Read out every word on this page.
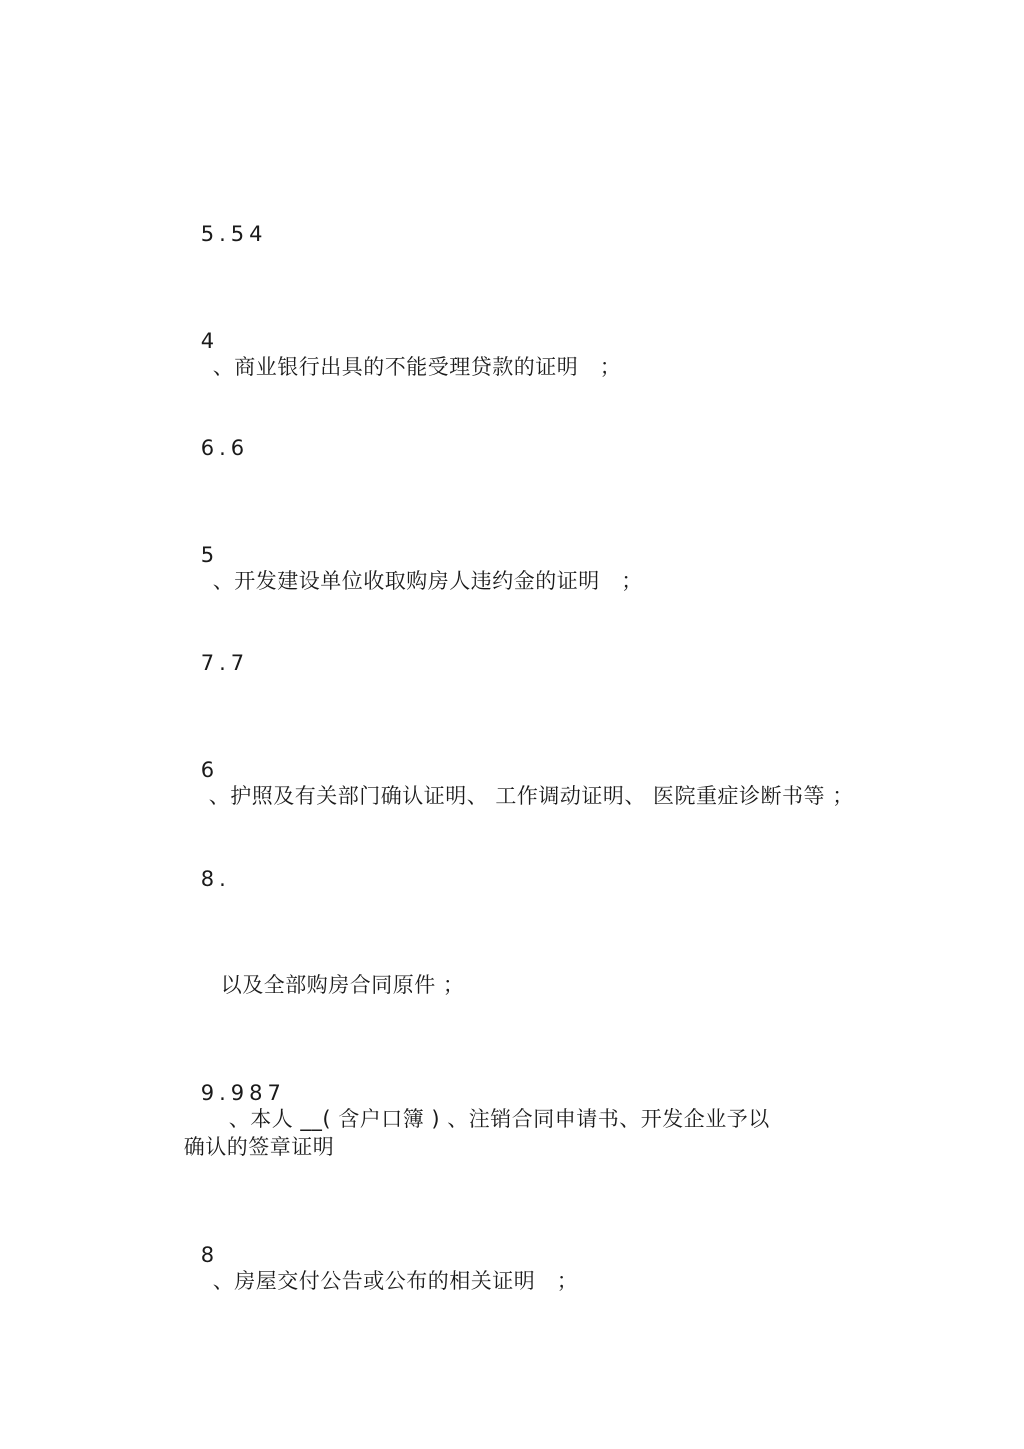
5.54

4
、商业银行出具的不能受理贷款的证明　；

6.6

5
、开发建设单位收取购房人违约金的证明　；

7.7

6
、护照及有关部门确认证明、 工作调动证明、 医院重症诊断书等 ；

8.

以及全部购房合同原件 ；

9.987
、本人 __( 含户口簿 ) 、注销合同申请书、开发企业予以

确认的签章证明

8
、房屋交付公告或公布的相关证明　；
